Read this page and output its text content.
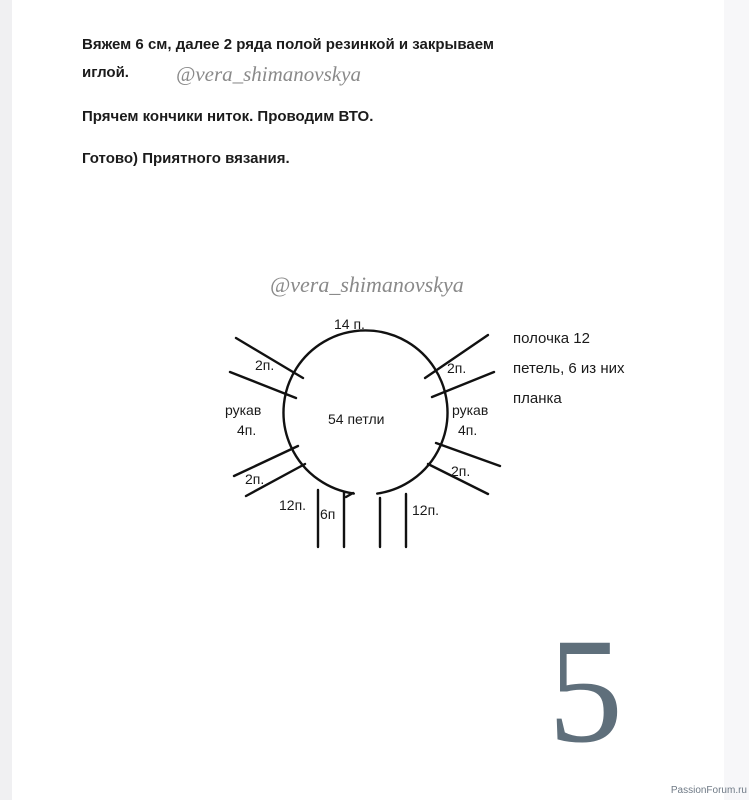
Вяжем 6 см, далее 2 ряда полой резинкой и закрываем
иглой. @vera_shimanovskya
Прячем кончики ниток. Проводим ВТО.
Готово) Приятного вязания.
@vera_shimanovskya
14 п.
2п.	2п.
рукав
4п.
рукав
4п.
54 петли
2п.	2п.
12п.
6п	12п.
полочка 12
петель, 6 из них
планка
5
PassionForum.ru
